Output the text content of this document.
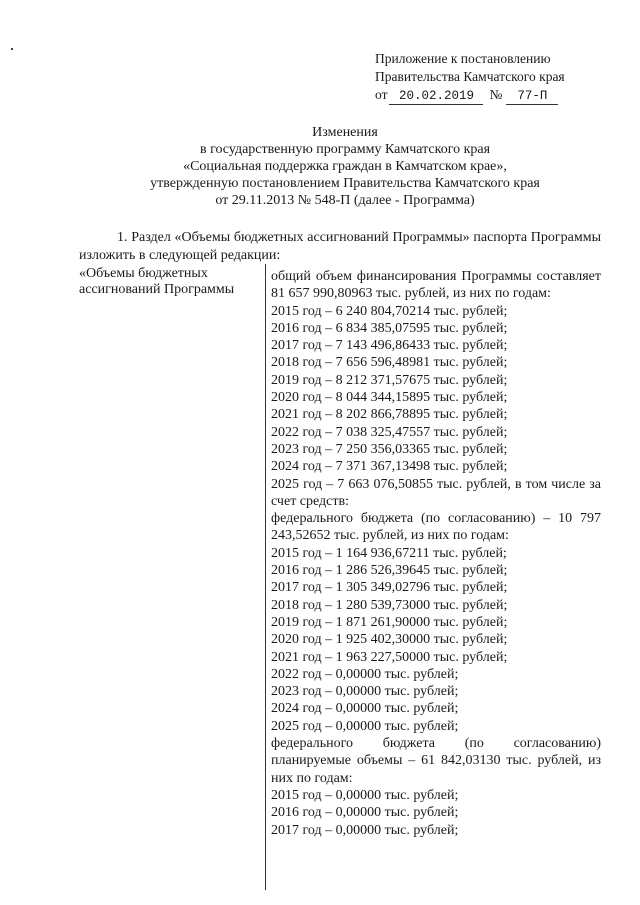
Приложение к постановлению
Правительства Камчатского края
от 20.02.2019 № 77-П
Изменения
в государственную программу Камчатского края
«Социальная поддержка граждан в Камчатском крае»,
утвержденную постановлением Правительства Камчатского края
от 29.11.2013 № 548-П (далее - Программа)
1. Раздел «Объемы бюджетных ассигнований Программы» паспорта Программы изложить в следующей редакции:
«Объемы бюджетных ассигнований Программы
общий объем финансирования Программы составляет 81 657 990,80963 тыс. рублей, из них по годам:
2015 год – 6 240 804,70214 тыс. рублей;
2016 год – 6 834 385,07595 тыс. рублей;
2017 год – 7 143 496,86433 тыс. рублей;
2018 год – 7 656 596,48981 тыс. рублей;
2019 год – 8 212 371,57675 тыс. рублей;
2020 год – 8 044 344,15895 тыс. рублей;
2021 год – 8 202 866,78895 тыс. рублей;
2022 год – 7 038 325,47557 тыс. рублей;
2023 год – 7 250 356,03365 тыс. рублей;
2024 год – 7 371 367,13498 тыс. рублей;
2025 год – 7 663 076,50855 тыс. рублей, в том числе за счет средств:
федерального бюджета (по согласованию) – 10 797 243,52652 тыс. рублей, из них по годам:
2015 год – 1 164 936,67211 тыс. рублей;
2016 год – 1 286 526,39645 тыс. рублей;
2017 год – 1 305 349,02796 тыс. рублей;
2018 год – 1 280 539,73000 тыс. рублей;
2019 год – 1 871 261,90000 тыс. рублей;
2020 год – 1 925 402,30000 тыс. рублей;
2021 год – 1 963 227,50000 тыс. рублей;
2022 год – 0,00000 тыс. рублей;
2023 год – 0,00000 тыс. рублей;
2024 год – 0,00000 тыс. рублей;
2025 год – 0,00000 тыс. рублей;
федерального бюджета (по согласованию) планируемые объемы – 61 842,03130 тыс. рублей, из них по годам:
2015 год – 0,00000 тыс. рублей;
2016 год – 0,00000 тыс. рублей;
2017 год – 0,00000 тыс. рублей;
